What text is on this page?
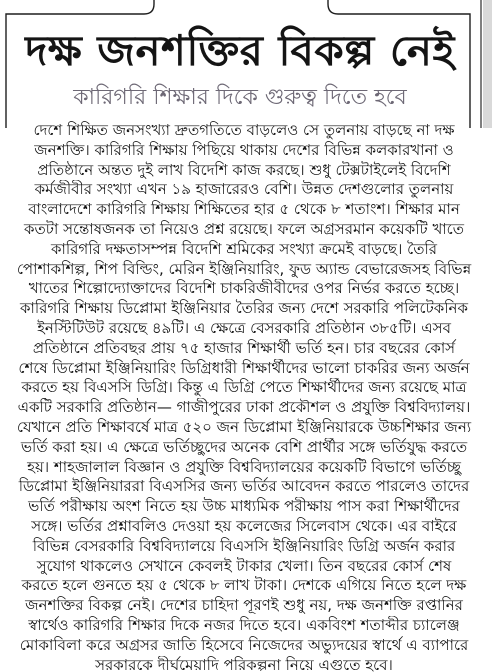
দক্ষ জনশক্তির বিকল্প নেই
কারিগরি শিক্ষার দিকে গুরুত্ব দিতে হবে
দেশে শিক্ষিত জনসংখ্যা দ্রুতগতিতে বাড়লেও সে তুলনায় বাড়ছে না দক্ষ
জনশক্তি। কারিগরি শিক্ষায় পিছিয়ে থাকায় দেশের বিভিন্ন কলকারখানা ও
প্রতিষ্ঠানে অন্তত দুই লাখ বিদেশি কাজ করছে। শুধু টেক্সটাইলেই বিদেশি
কর্মজীবীর সংখ্যা এখন ১৯ হাজারেরও বেশি। উন্নত দেশগুলোর তুলনায়
বাংলাদেশে কারিগরি শিক্ষায় শিক্ষিতের হার ৫ থেকে ৮ শতাংশ। শিক্ষার মান
কতটা সন্তোষজনক তা নিয়েও প্রশ্ন রয়েছে। ফলে অগ্রসরমান কয়েকটি খাতে
কারিগরি দক্ষতাসম্পন্ন বিদেশি শ্রমিকের সংখ্যা ক্রমেই বাড়ছে। তৈরি
পোশাকশিল্প, শিপ বিল্ডিং, মেরিন ইঞ্জিনিয়ারিং, ফুড অ্যান্ড বেভারেজসহ বিভিন্ন
খাতের শিল্পোদ্যোক্তাদের বিদেশি চাকরিজীবীদের ওপর নির্ভর করতে হচ্ছে।
কারিগরি শিক্ষায় ডিপ্লোমা ইঞ্জিনিয়ার তৈরির জন্য দেশে সরকারি পলিটেকনিক
ইনস্টিটিউট রয়েছে ৪৯টি। এ ক্ষেত্রে বেসরকারি প্রতিষ্ঠান ৩৮৫টি। এসব
প্রতিষ্ঠানে প্রতিবছর প্রায় ৭৫ হাজার শিক্ষার্থী ভর্তি হন। চার বছরের কোর্স
শেষে ডিপ্লোমা ইঞ্জিনিয়ারিং ডিগ্রিধারী শিক্ষার্থীদের ভালো চাকরির জন্য অর্জন
করতে হয় বিএসসি ডিগ্রি। কিন্তু এ ডিগ্রি পেতে শিক্ষার্থীদের জন্য রয়েছে মাত্র
একটি সরকারি প্রতিষ্ঠান— গাজীপুরের ঢাকা প্রকৌশল ও প্রযুক্তি বিশ্ববিদ্যালয়।
যেখানে প্রতি শিক্ষাবর্ষে মাত্র ৫২০ জন ডিপ্লোমা ইঞ্জিনিয়ারকে উচ্চশিক্ষার জন্য
ভর্তি করা হয়। এ ক্ষেত্রে ভর্তিচ্ছুদের অনেক বেশি প্রার্থীর সঙ্গে ভর্তিযুদ্ধ করতে
হয়। শাহজালাল বিজ্ঞান ও প্রযুক্তি বিশ্ববিদ্যালয়ের কয়েকটি বিভাগে ভর্তিচ্ছু
ডিপ্লোমা ইঞ্জিনিয়াররা বিএসসির জন্য ভর্তির আবেদন করতে পারলেও তাদের
ভর্তি পরীক্ষায় অংশ নিতে হয় উচ্চ মাধ্যমিক পরীক্ষায় পাস করা শিক্ষার্থীদের
সঙ্গে। ভর্তির প্রশ্নাবলিও দেওয়া হয় কলেজের সিলেবাস থেকে। এর বাইরে
বিভিন্ন বেসরকারি বিশ্ববিদ্যালয়ে বিএসসি ইঞ্জিনিয়ারিং ডিগ্রি অর্জন করার
সুযোগ থাকলেও সেখানে কেবলই টাকার খেলা। তিন বছরের কোর্স শেষ
করতে হলে গুনতে হয় ৫ থেকে ৮ লাখ টাকা। দেশকে এগিয়ে নিতে হলে দক্ষ
জনশক্তির বিকল্প নেই। দেশের চাহিদা পূরণই শুধু নয়, দক্ষ জনশক্তি রপ্তানির
স্বার্থেও কারিগরি শিক্ষার দিকে নজর দিতে হবে। একবিংশ শতাব্দীর চ্যালেঞ্জ
মোকাবিলা করে অগ্রসর জাতি হিসেবে নিজেদের অভ্যুদয়ের স্বার্থে এ ব্যাপারে
সরকারকে দীর্ঘমেয়াদি পরিকল্পনা নিয়ে এগুতে হবে।
